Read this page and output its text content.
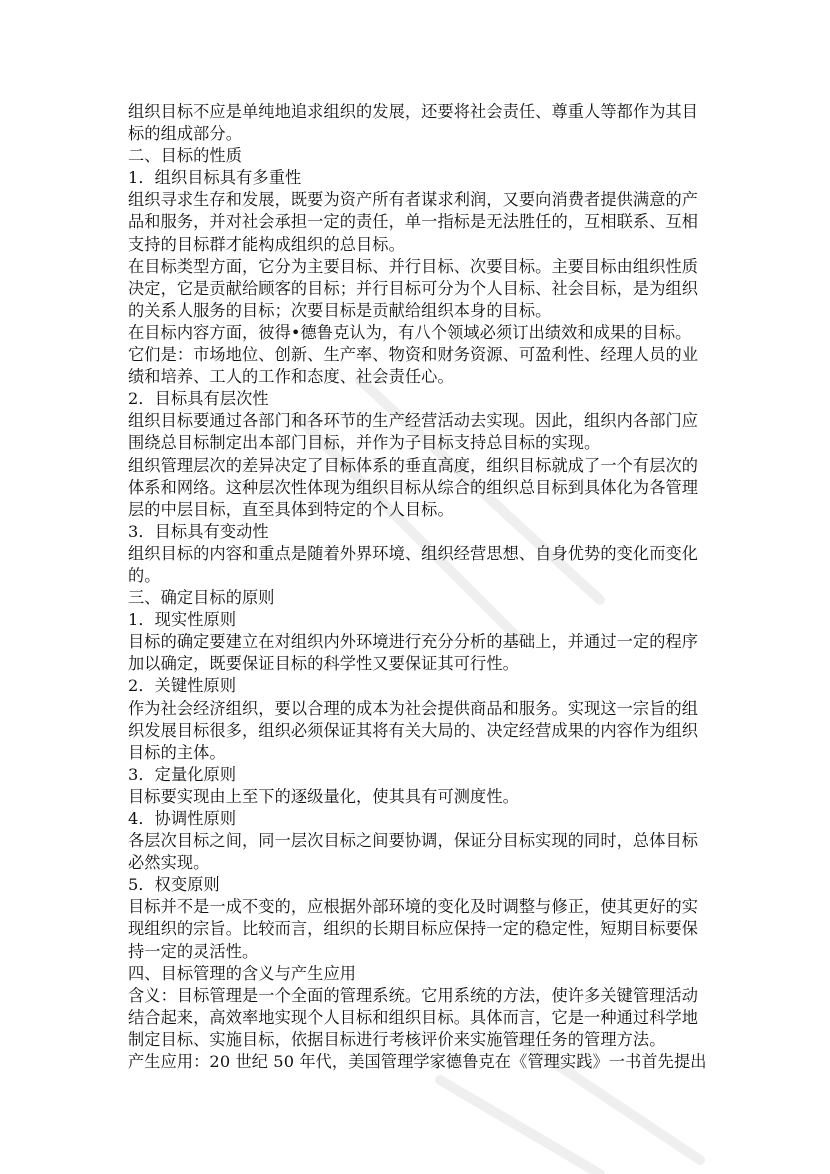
组织目标不应是单纯地追求组织的发展，还要将社会责任、尊重人等都作为其目
标的组成部分。
二、目标的性质
1．组织目标具有多重性
组织寻求生存和发展，既要为资产所有者谋求利润，又要向消费者提供满意的产
品和服务，并对社会承担一定的责任，单一指标是无法胜任的，互相联系、互相
支持的目标群才能构成组织的总目标。
在目标类型方面，它分为主要目标、并行目标、次要目标。主要目标由组织性质
决定，它是贡献给顾客的目标；并行目标可分为个人目标、社会目标，是为组织
的关系人服务的目标；次要目标是贡献给组织本身的目标。
在目标内容方面，彼得•德鲁克认为，有八个领域必须订出绩效和成果的目标。
它们是：市场地位、创新、生产率、物资和财务资源、可盈利性、经理人员的业
绩和培养、工人的工作和态度、社会责任心。
2．目标具有层次性
组织目标要通过各部门和各环节的生产经营活动去实现。因此，组织内各部门应
围绕总目标制定出本部门目标，并作为子目标支持总目标的实现。
组织管理层次的差异决定了目标体系的垂直高度，组织目标就成了一个有层次的
体系和网络。这种层次性体现为组织目标从综合的组织总目标到具体化为各管理
层的中层目标，直至具体到特定的个人目标。
3．目标具有变动性
组织目标的内容和重点是随着外界环境、组织经营思想、自身优势的变化而变化
的。
三、确定目标的原则
1．现实性原则
目标的确定要建立在对组织内外环境进行充分分析的基础上，并通过一定的程序
加以确定，既要保证目标的科学性又要保证其可行性。
2．关键性原则
作为社会经济组织，要以合理的成本为社会提供商品和服务。实现这一宗旨的组
织发展目标很多，组织必须保证其将有关大局的、决定经营成果的内容作为组织
目标的主体。
3．定量化原则
目标要实现由上至下的逐级量化，使其具有可测度性。
4．协调性原则
各层次目标之间，同一层次目标之间要协调，保证分目标实现的同时，总体目标
必然实现。
5．权变原则
目标并不是一成不变的，应根据外部环境的变化及时调整与修正，使其更好的实
现组织的宗旨。比较而言，组织的长期目标应保持一定的稳定性，短期目标要保
持一定的灵活性。
四、目标管理的含义与产生应用
含义：目标管理是一个全面的管理系统。它用系统的方法，使许多关键管理活动
结合起来，高效率地实现个人目标和组织目标。具体而言，它是一种通过科学地
制定目标、实施目标，依据目标进行考核评价来实施管理任务的管理方法。
产生应用：20 世纪 50 年代，美国管理学家德鲁克在《管理实践》一书首先提出
